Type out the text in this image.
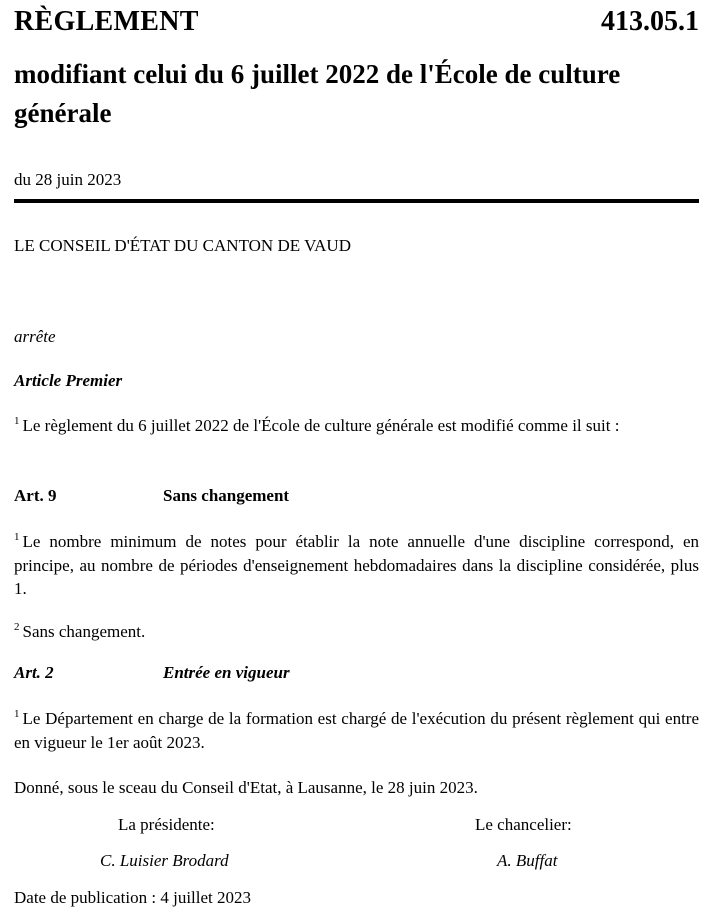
RÈGLEMENT	413.05.1
modifiant celui du 6 juillet 2022 de l'École de culture générale
du 28 juin 2023
LE CONSEIL D'ÉTAT DU CANTON DE VAUD
arrête
Article Premier
$^1$ Le règlement du 6 juillet 2022 de l'École de culture générale est modifié comme il suit :
Art. 9	Sans changement
$^1$ Le nombre minimum de notes pour établir la note annuelle d'une discipline correspond, en principe, au nombre de périodes d'enseignement hebdomadaires dans la discipline considérée, plus 1.
$^2$ Sans changement.
Art. 2	Entrée en vigueur
$^1$ Le Département en charge de la formation est chargé de l'exécution du présent règlement qui entre en vigueur le 1er août 2023.
Donné, sous le sceau du Conseil d'Etat, à Lausanne, le 28 juin 2023.
La présidente:	Le chancelier:
C. Luisier Brodard	A. Buffat
Date de publication : 4 juillet 2023
